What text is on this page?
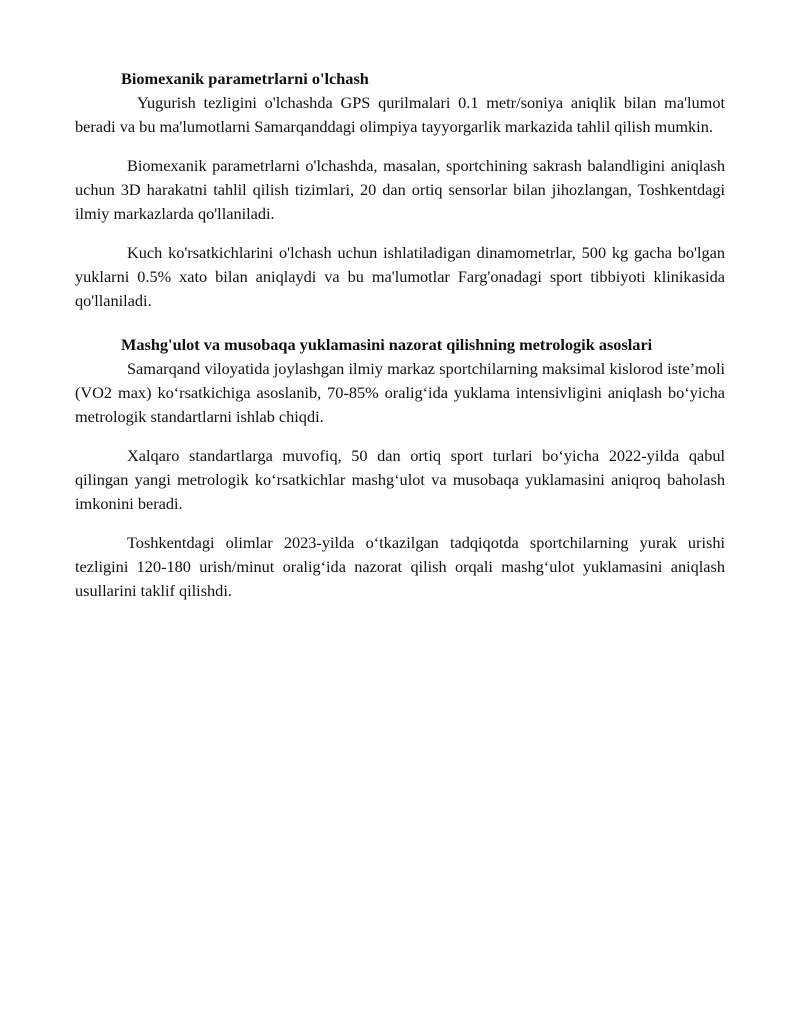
Biomexanik parametrlarni o'lchash

Yugurish tezligini o'lchashda GPS qurilmalari 0.1 metr/soniya aniqlik bilan ma'lumot beradi va bu ma'lumotlarni Samarqanddagi olimpiya tayyorgarlik markazida tahlil qilish mumkin.

Biomexanik parametrlarni o'lchashda, masalan, sportchining sakrash balandligini aniqlash uchun 3D harakatni tahlil qilish tizimlari, 20 dan ortiq sensorlar bilan jihozlangan, Toshkentdagi ilmiy markazlarda qo'llaniladi.

Kuch ko'rsatkichlarini o'lchash uchun ishlatiladigan dinamometrlar, 500 kg gacha bo'lgan yuklarni 0.5% xato bilan aniqlaydi va bu ma'lumotlar Farg'onadagi sport tibbiyoti klinikasida qo'llaniladi.

Mashg'ulot va musobaqa yuklamasini nazorat qilishning metrologik asoslari

Samarqand viloyatida joylashgan ilmiy markaz sportchilarning maksimal kislorod iste’moli (VO2 max) ko‘rsatkichiga asoslanib, 70-85% oralig‘ida yuklama intensivligini aniqlash bo‘yicha metrologik standartlarni ishlab chiqdi.

Xalqaro standartlarga muvofiq, 50 dan ortiq sport turlari bo‘yicha 2022-yilda qabul qilingan yangi metrologik ko‘rsatkichlar mashg‘ulot va musobaqa yuklamasini aniqroq baholash imkonini beradi.

Toshkentdagi olimlar 2023-yilda o‘tkazilgan tadqiqotda sportchilarning yurak urishi tezligini 120-180 urish/minut oralig‘ida nazorat qilish orqali mashg‘ulot yuklamasini aniqlash usullarini taklif qilishdi.
